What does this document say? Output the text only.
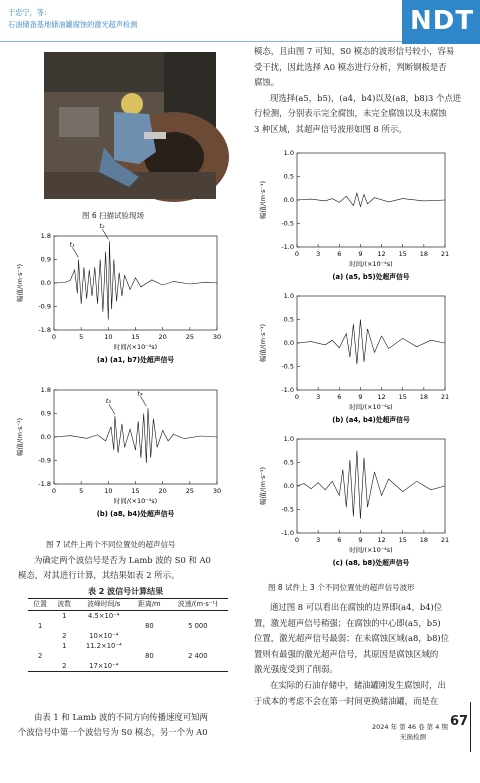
于忠宁，等：
石油储备基地储油罐腐蚀的激光超声检测	NDT
图 6 扫描试验现场
0	5	10	15	20	25	30
-1.8
-0.9
0.0
0.9
1.8
幅值/(m·s⁻¹)
时间/(×10⁻⁴s)
(a) (a1, b7)处超声信号
t₁
t₂
0	5	10	15	20	25	30
-1.8
-0.9
0.0
0.9
1.8
幅值/(m·s⁻¹)
时间/(×10⁻⁴s)
(b) (a8, b4)处超声信号
t₃
t₄
图 7 试件上两个不同位置处的超声信号
为确定两个波信号是否为 Lamb 波的 S0 和 A0
模态，对其进行计算，其结果如表 2 所示。
表 2 波信号计算结果
位置	波数	波峰时间/s	距离/m	波速/(m·s⁻¹)
	1	4.5×10⁻⁴		
1			80	5 000
	2	10×10⁻⁴		
	1	11.2×10⁻⁴		
2			80	2 400
	2	17×10⁻⁴		
由表 1 和 Lamb 波的不同方向传播速度可知两
个波信号中第一个波信号为 S0 模态，另一个为 A0
模态，且由图 7 可知，S0 模态的波形信号较小，容易
受干扰，因此选择 A0 模态进行分析，判断钢板是否
腐蚀。
现选择(a5，b5)，(a4，b4)以及(a8，b8)3 个点进
行检测，分别表示完全腐蚀，未完全腐蚀以及未腐蚀
3 种区域，其超声信号波形如图 8 所示。
0	3	6	9 12 15 18 21
-1.0
-0.5
0.0
0.5
1.0
幅值/(m·s⁻¹)
时间/(×10⁻⁴s)
(a) (a5, b5)处超声信号
0	3	6	9 12 15 18 21
-1.0
-0.5
0.0
0.5
1.0
幅值/(m·s⁻¹)
时间/(×10⁻⁴s)
(b) (a4, b4)处超声信号
0	3	6	9 12 15 18 21
-1.0
-0.5
0.0
0.5
1.0
幅值/(m·s⁻¹)
时间/(×10⁻⁴s)
(c) (a8, b8)处超声信号
图 8 试件上 3 个不同位置处的超声信号波形
通过图 8 可以看出在腐蚀的边界即(a4，b4)位
置，激光超声信号稍强；在腐蚀的中心即(a5，b5)
位置，激光超声信号最弱；在未腐蚀区域(a8，b8)位
置则有最强的激光超声信号，其原因是腐蚀区域的
激光强度受到了削弱。
在实际的石油存储中，储油罐刚发生腐蚀时，出
于成本的考虑不会在第一时间更换储油罐，而是在
2024 年 第 46 卷 第 4 期
无损检测
67
